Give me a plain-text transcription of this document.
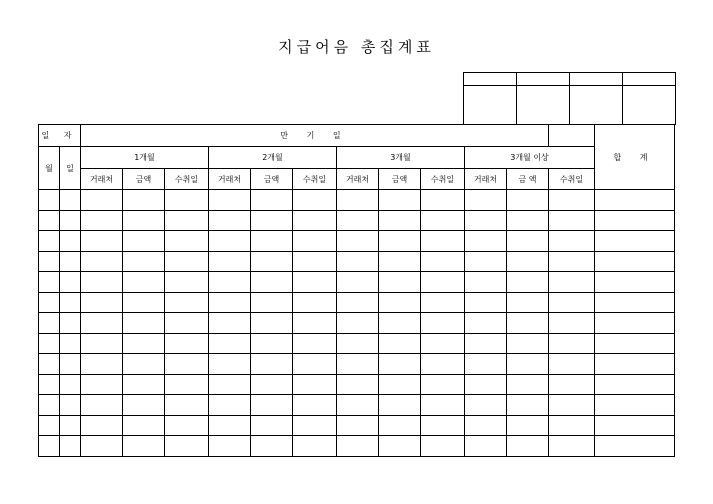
지급어음 총집계표

일 자		만 기 일												합 계
월	일	1개월			2개월			3개월			3개월 이상			
		거래처	금액	수취일	거래처	금액	수취일	거래처	금액	수취일	거래처	금 액	수취일	
